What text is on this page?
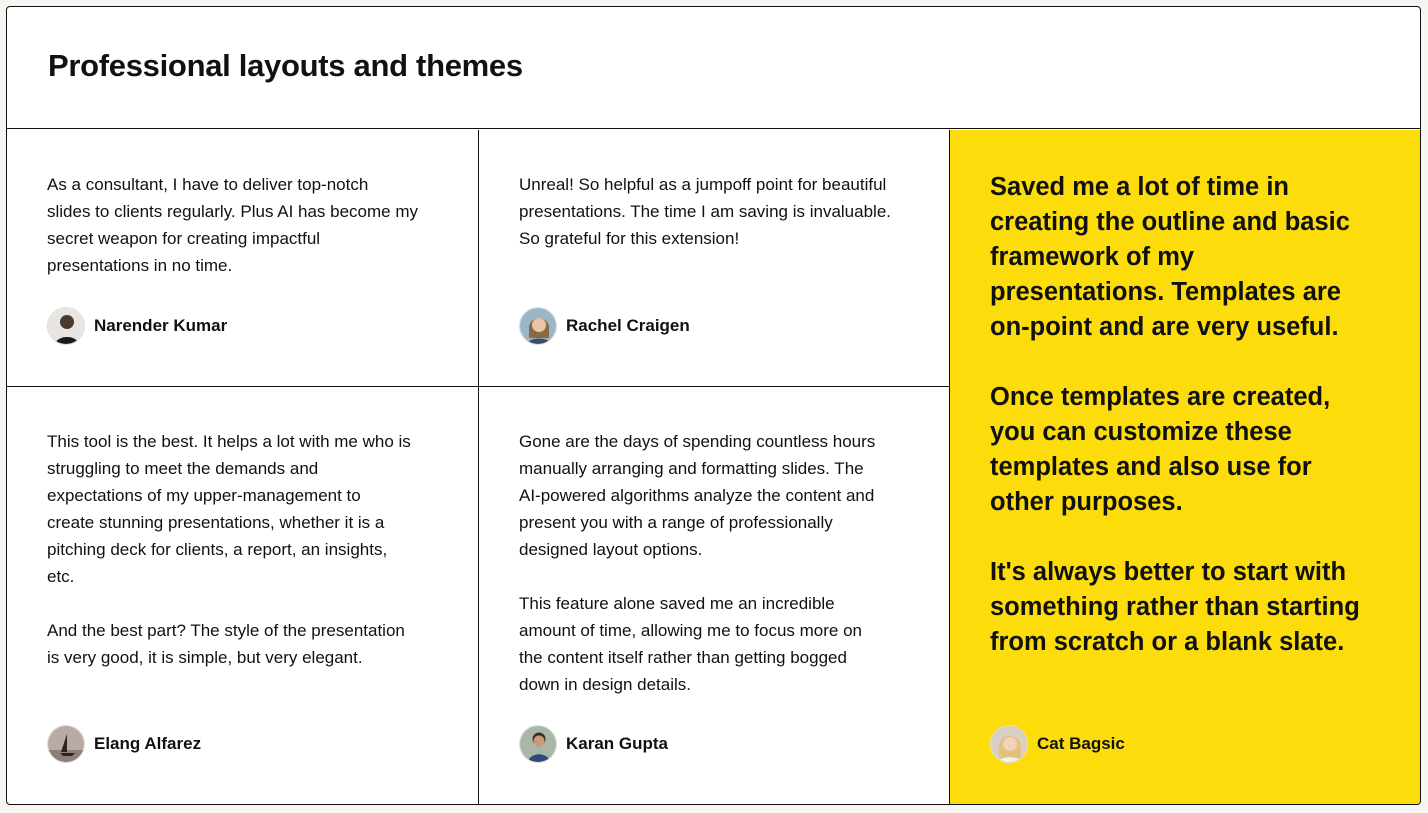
Professional layouts and themes

As a consultant, I have to deliver top-notch
slides to clients regularly. Plus AI has become my
secret weapon for creating impactful
presentations in no time.

Narender Kumar

Unreal! So helpful as a jumpoff point for beautiful
presentations. The time I am saving is invaluable.
So grateful for this extension!

Rachel Craigen

This tool is the best. It helps a lot with me who is
struggling to meet the demands and
expectations of my upper-management to
create stunning presentations, whether it is a
pitching deck for clients, a report, an insights,
etc.

And the best part? The style of the presentation
is very good, it is simple, but very elegant.

Elang Alfarez

Gone are the days of spending countless hours
manually arranging and formatting slides. The
AI-powered algorithms analyze the content and
present you with a range of professionally
designed layout options.

This feature alone saved me an incredible
amount of time, allowing me to focus more on
the content itself rather than getting bogged
down in design details.

Karan Gupta

Saved me a lot of time in
creating the outline and basic
framework of my
presentations. Templates are
on-point and are very useful.

Once templates are created,
you can customize these
templates and also use for
other purposes.

It's always better to start with
something rather than starting
from scratch or a blank slate.

Cat Bagsic
